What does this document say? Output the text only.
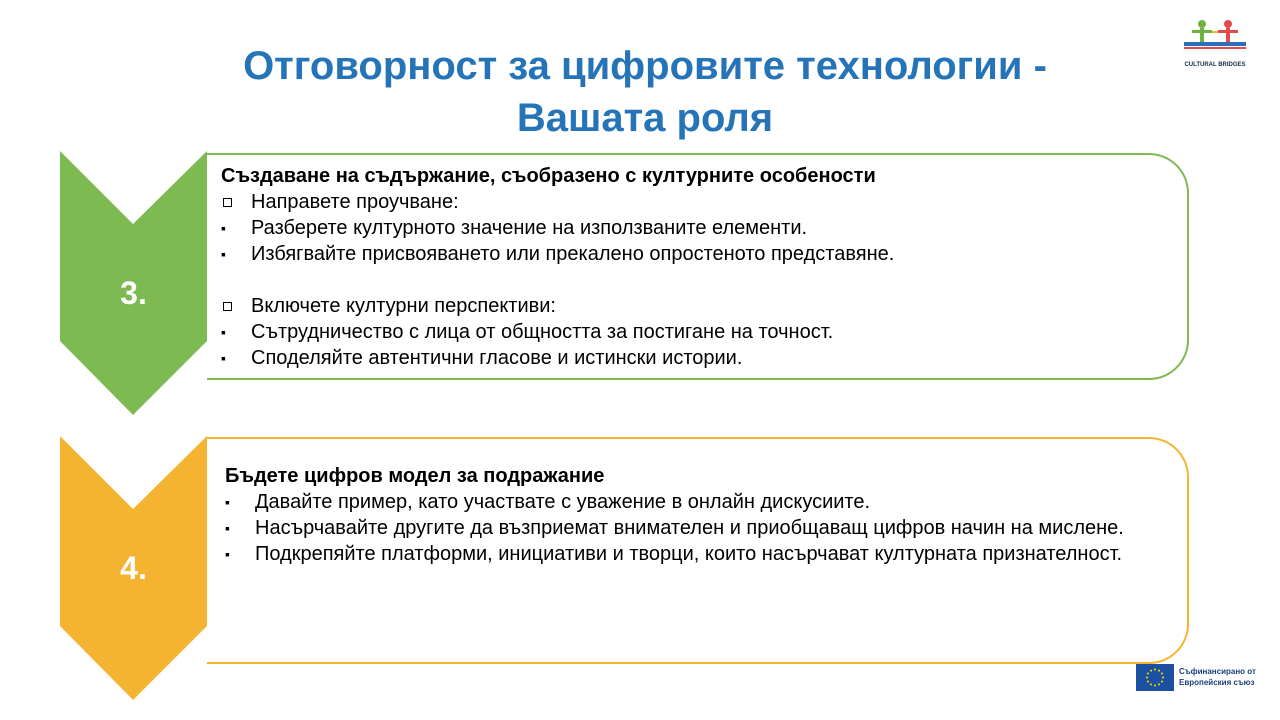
Отговорност за цифровите технологии -
Вашата роля
CULTURAL BRIDGES
3.
Създаване на съдържание, съобразено с културните особености
Направете проучване:
▪	Разберете културното значение на използваните елементи.
▪	Избягвайте присвояването или прекалено опростеното представяне.
Включете културни перспективи:
▪	Сътрудничество с лица от общността за постигане на точност.
▪	Споделяйте автентични гласове и истински истории.
4.
Бъдете цифров модел за подражание
▪	Давайте пример, като участвате с уважение в онлайн дискусиите.
▪	Насърчавайте другите да възприемат внимателен и приобщаващ цифров начин на мислене.
▪	Подкрепяйте платформи, инициативи и творци, които насърчават културната признателност.
Съфинансирано от
Европейския съюз
